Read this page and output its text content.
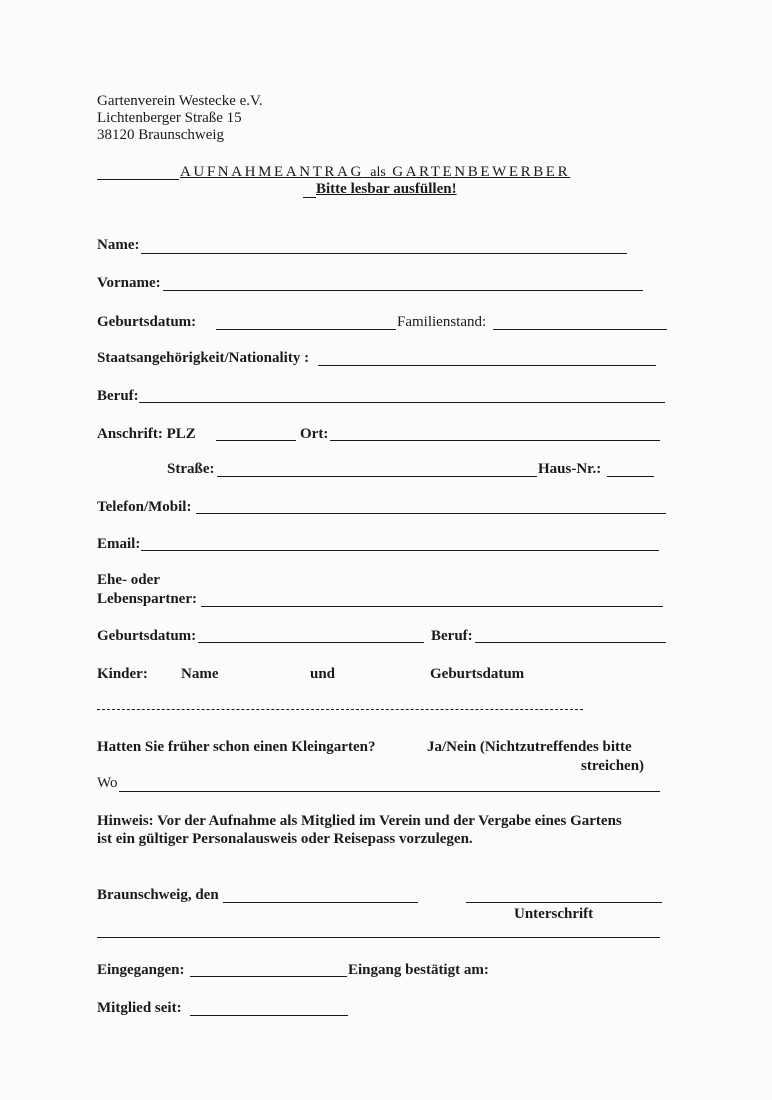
Gartenverein Westecke e.V.
Lichtenberger Straße 15
38120 Braunschweig
AUFNAHMEANTRAG als GARTENBEWERBER
Bitte lesbar ausfüllen!
Name:
Vorname:
Geburtsdatum:	Familienstand:
Staatsangehörigkeit/Nationality :
Beruf:
Anschrift: PLZ	Ort:
Straße:	Haus-Nr.:
Telefon/Mobil:
Email:
Ehe- oder
Lebenspartner:
Geburtsdatum:	Beruf:
Kinder: Name	und	Geburtsdatum
Hatten Sie früher schon einen Kleingarten?	Ja/Nein (Nichtzutreffendes bitte
streichen)
Wo
Hinweis: Vor der Aufnahme als Mitglied im Verein und der Vergabe eines Gartens
ist ein gültiger Personalausweis oder Reisepass vorzulegen.
Braunschweig, den
Unterschrift
Eingegangen:	Eingang bestätigt am:
Mitglied seit:
